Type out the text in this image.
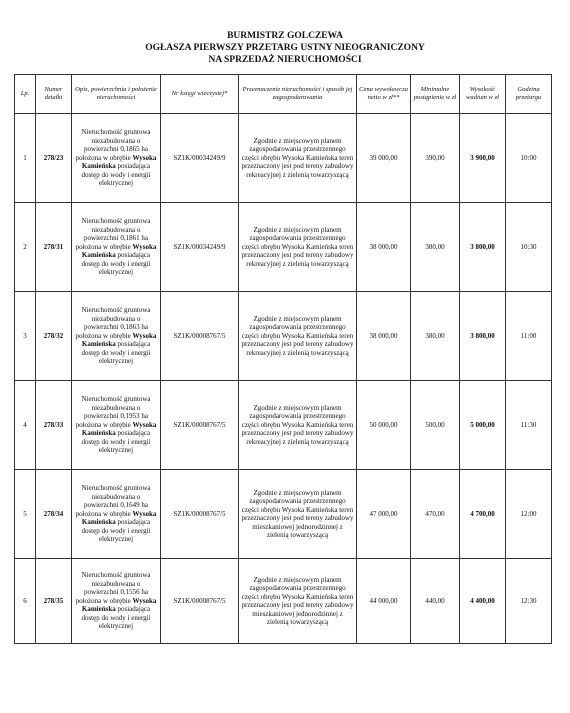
BURMISTRZ GOLCZEWA
OGŁASZA PIERWSZY PRZETARG USTNY NIEOGRANICZONY
NA SPRZEDAŻ NIERUCHOMOŚCI
Lp.	Numer działki	Opis, powierzchnia i położenie nieruchomości	Nr księgi wieczystej*	Przeznaczenie nieruchomości i sposób jej zagospodarowania	Cena wywoławcza netto w zł**	Minimalne postąpienie w zł	Wysokość wadium w zł	Godzina przetargu
1	278/23	Nieruchomość gruntowa niezabudowana o powierzchni 0,1865 ha położona w obrębie Wysoka Kamieńska posiadająca dostęp do wody i energii elektrycznej	SZ1K/00034249/9	Zgodnie z miejscowym planem zagospodarowania przestrzennego części obrębu Wysoka Kamieńska teren przeznaczony jest pod tereny zabudowy rekreacyjnej z zielenią towarzyszącą	39 000,00	390,00	3 900,00	10:00
2	278/31	Nieruchomość gruntowa niezabudowana o powierzchni 0,1861 ha położona w obrębie Wysoka Kamieńska posiadająca dostęp do wody i energii elektrycznej	SZ1K/00034249/9	Zgodnie z miejscowym planem zagospodarowania przestrzennego części obrębu Wysoka Kamieńska teren przeznaczony jest pod tereny zabudowy rekreacyjnej z zielenią towarzyszącą	38 000,00	380,00	3 800,00	10:30
3	278/32	Nieruchomość gruntowa niezabudowana o powierzchni 0,1863 ha położona w obrębie Wysoka Kamieńska posiadająca dostęp do wody i energii elektrycznej	SZ1K/00008767/5	Zgodnie z miejscowym planem zagospodarowania przestrzennego części obrębu Wysoka Kamieńska teren przeznaczony jest pod tereny zabudowy rekreacyjnej z zielenią towarzyszącą	38 000,00	380,00	3 800,00	11:00
4	278/33	Nieruchomość gruntowa niezabudowana o powierzchni 0,1953 ha położona w obrębie Wysoka Kamieńska posiadająca dostęp do wody i energii elektrycznej	SZ1K/00008767/5	Zgodnie z miejscowym planem zagospodarowania przestrzennego części obrębu Wysoka Kamieńska teren przeznaczony jest pod tereny zabudowy rekreacyjnej z zielenią towarzyszącą	50 000,00	500,00	5 000,00	11:30
5	278/34	Nieruchomość gruntowa niezabudowana o powierzchni 0,1649 ha położona w obrębie Wysoka Kamieńska posiadająca dostęp do wody i energii elektrycznej	SZ1K/00008767/5	Zgodnie z miejscowym planem zagospodarowania przestrzennego części obrębu Wysoka Kamieńska teren przeznaczony jest pod tereny zabudowy mieszkaniowej jednorodzinnej z zielenią towarzyszącą	47 000,00	470,00	4 700,00	12:00
6	278/35	Nieruchomość gruntowa niezabudowana o powierzchni 0,1556 ha położona w obrębie Wysoka Kamieńska posiadająca dostęp do wody i energii elektrycznej	SZ1K/00008767/5	Zgodnie z miejscowym planem zagospodarowania przestrzennego części obrębu Wysoka Kamieńska teren przeznaczony jest pod tereny zabudowy mieszkaniowej jednorodzinnej z zielenią towarzyszącą	44 000,00	440,00	4 400,00	12:30
